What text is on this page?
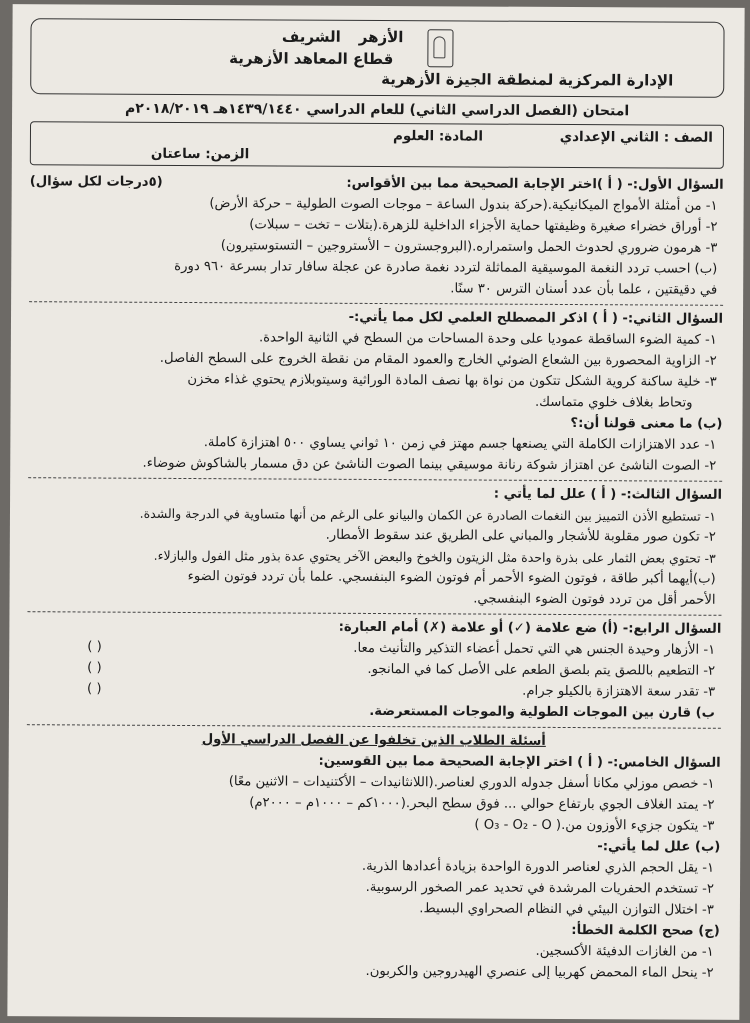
الأزهرالشريف
قطاع المعاهد الأزهرية
الإدارة المركزية لمنطقة الجيزة الأزهرية
امتحان (الفصل الدراسي الثاني) للعام الدراسي ١٤٣٩/١٤٤٠هـ ٢٠١٨/٢٠١٩م
الصف : الثاني الإعدادي
المادة: العلوم
الزمن: ساعتان
السؤال الأول:- ( أ )اختر الإجابة الصحيحة مما بين الأقواس:
(٥درجات لكل سؤال)
١- من أمثلة الأمواج الميكانيكية.(حركة بندول الساعة – موجات الصوت الطولية – حركة الأرض)
٢- أوراق خضراء صغيرة وظيفتها حماية الأجزاء الداخلية للزهرة.(بتلات – تخت – سبلات)
٣- هرمون ضروري لحدوث الحمل واستمراره.(البروجسترون – الأستروجين – التستوستيرون)
(ب) احسب تردد النغمة الموسيقية المماثلة لتردد نغمة صادرة عن عجلة سافار تدار بسرعة ٩٦٠ دورة
في دقيقتين ، علما بأن عدد أسنان الترس ٣٠ سنًا.
السؤال الثاني:- ( أ ) اذكر المصطلح العلمي لكل مما يأتي:-
١- كمية الضوء الساقطة عموديا على وحدة المساحات من السطح في الثانية الواحدة.
٢- الزاوية المحصورة بين الشعاع الضوئي الخارج والعمود المقام من نقطة الخروج على السطح الفاصل.
٣- خلية ساكنة كروية الشكل تتكون من نواة بها نصف المادة الوراثية وسيتوبلازم يحتوي غذاء مخزن
وتحاط بغلاف خلوي متماسك.
(ب) ما معنى قولنا أن:؟
١- عدد الاهتزازات الكاملة التي يصنعها جسم مهتز في زمن ١٠ ثواني يساوي ٥٠٠ اهتزازة كاملة.
٢- الصوت الناشئ عن اهتزاز شوكة رنانة موسيقي بينما الصوت الناشئ عن دق مسمار بالشاكوش ضوضاء.
السؤال الثالث:- ( أ ) علل لما يأتي :
١- تستطيع الأذن التمييز بين النغمات الصادرة عن الكمان والبيانو على الرغم من أنها متساوية في الدرجة والشدة.
٢- تكون صور مقلوبة للأشجار والمباني على الطريق عند سقوط الأمطار.
٣- تحتوي بعض الثمار على بذرة واحدة مثل الزيتون والخوخ والبعض الآخر يحتوي عدة بذور مثل الفول والبازلاء.
(ب)أيهما أكبر طاقة ، فوتون الضوء الأحمر أم فوتون الضوء البنفسجي. علما بأن تردد فوتون الضوء
الأحمر أقل من تردد فوتون الضوء البنفسجي.
السؤال الرابع:- (أ) ضع علامة (✓) أو علامة (✗) أمام العبارة:
١- الأزهار وحيدة الجنس هي التي تحمل أعضاء التذكير والتأنيث معا.
( )
٢- التطعيم باللصق يتم بلصق الطعم على الأصل كما في المانجو.
( )
٣- تقدر سعة الاهتزازة بالكيلو جرام.
( )
ب) قارن بين الموجات الطولية والموجات المستعرضة.
أسئلة الطلاب الذين تخلفوا عن الفصل الدراسي الأول
السؤال الخامس:- ( أ ) اختر الإجابة الصحيحة مما بين القوسين:
١- خصص موزلي مكانا أسفل جدوله الدوري لعناصر.(اللانثانيدات – الأكتنيدات – الاثنين معًا)
٢- يمتد الغلاف الجوي بارتفاع حوالي ... فوق سطح البحر.(١٠٠٠كم – ١٠٠٠م – ٢٠٠٠م)
٣- يتكون جزيء الأوزون من.( O₃ - O₂ - O )
(ب) علل لما يأتي:-
١- يقل الحجم الذري لعناصر الدورة الواحدة بزيادة أعدادها الذرية.
٢- تستخدم الحفريات المرشدة في تحديد عمر الصخور الرسوبية.
٣- اختلال التوازن البيئي في النظام الصحراوي البسيط.
(ج) صحح الكلمة الخطأ:
١- من الغازات الدفيئة الأكسجين.
٢- ينحل الماء المحمض كهربيا إلى عنصري الهيدروجين والكربون.
